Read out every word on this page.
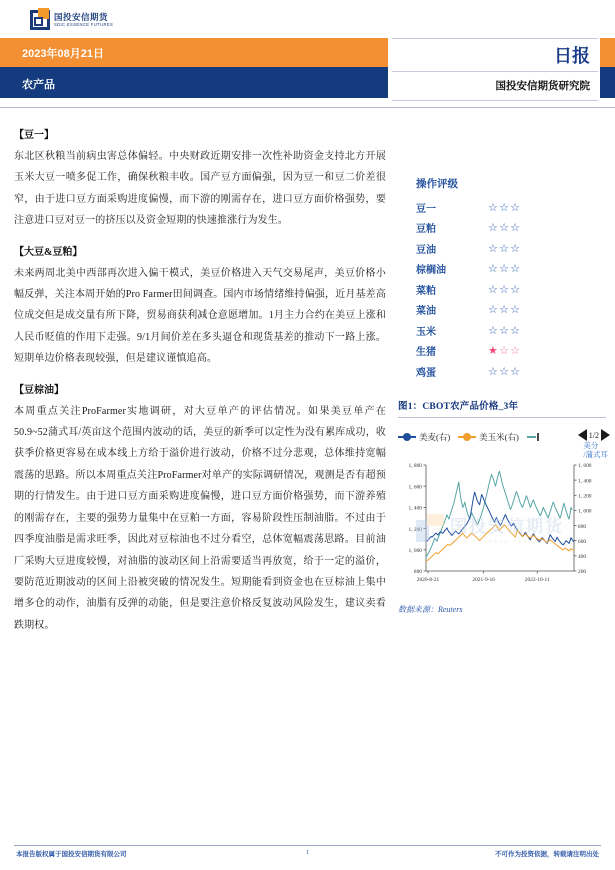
国投安信期货
SDIC ESSENCE FUTURES
2023年08月21日
农产品
日报
国投安信期货研究院
【豆一】
东北区秋粮当前病虫害总体偏轻。中央财政近期安排一次性补助资金支持北方开展玉米大豆一喷多促工作，确保秋粮丰收。国产豆方面偏强，因为豆一和豆二价差很窄，由于进口豆方面采购进度偏慢，而下游的刚需存在，进口豆方面价格强势，要注意进口豆对豆一的挤压以及资金短期的快速推涨行为发生。
【大豆&豆粕】
未来两周北美中西部再次进入偏干模式，美豆价格进入天气交易尾声，美豆价格小幅反弹，关注本周开始的Pro Farmer田间调查。国内市场情绪维持偏强，近月基差高位成交但是成交量有所下降，贸易商获利减仓意愿增加。1月主力合约在美豆上涨和人民币贬值的作用下走强。9/1月间价差在多头逼仓和现货基差的推动下一路上涨。短期单边价格表现较强，但是建议谨慎追高。
【豆棕油】
本周重点关注ProFarmer实地调研，对大豆单产的评估情况。如果美豆单产在50.9~52蒲式耳/英亩这个范围内波动的话，美豆的新季可以定性为没有累库成功，收获季价格更容易在成本线上方给于溢价进行波动，价格不过分悲观，总体维持宽幅震荡的思路。所以本周重点关注ProFarmer对单产的实际调研情况，观测是否有超预期的行情发生。由于进口豆方面采购进度偏慢，进口豆方面价格强势，而下游养殖的刚需存在，主要的强势力量集中在豆粕一方面，容易阶段性压制油脂。不过由于四季度油脂是需求旺季，因此对豆棕油也不过分看空，总体宽幅震荡思路。目前油厂采购大豆进度较慢，对油脂的波动区间上沿需要适当再放宽，给于一定的溢价，要防范近期波动的区间上沿被突破的情况发生。短期能看到资金也在豆棕油上集中增多仓的动作，油脂有反弹的动能，但是要注意价格反复波动风险发生，建议卖看跌期权。
操作评级
豆一	☆☆☆
豆粕	☆☆☆
豆油	☆☆☆
棕榈油	☆☆☆
菜粕	☆☆☆
菜油	☆☆☆
玉米	☆☆☆
生猪	★☆☆
鸡蛋	☆☆☆
图1：CBOT农产品价格_3年
美麦(右)	美玉米(右)	1/2
美分
/蒲式耳
800
1, 000
1, 200
1, 400
1, 600
1, 800
200
400
600
800
1, 000
1, 200
1, 400
1, 600
2020-8-21	2021-9-16	2022-10-11
国投安信期货
SDIC ESSENCE FUTURES
数据来源：Reuters
本报告版权属于国投安信期货有限公司	1	不可作为投资依据，转载请注明出处
